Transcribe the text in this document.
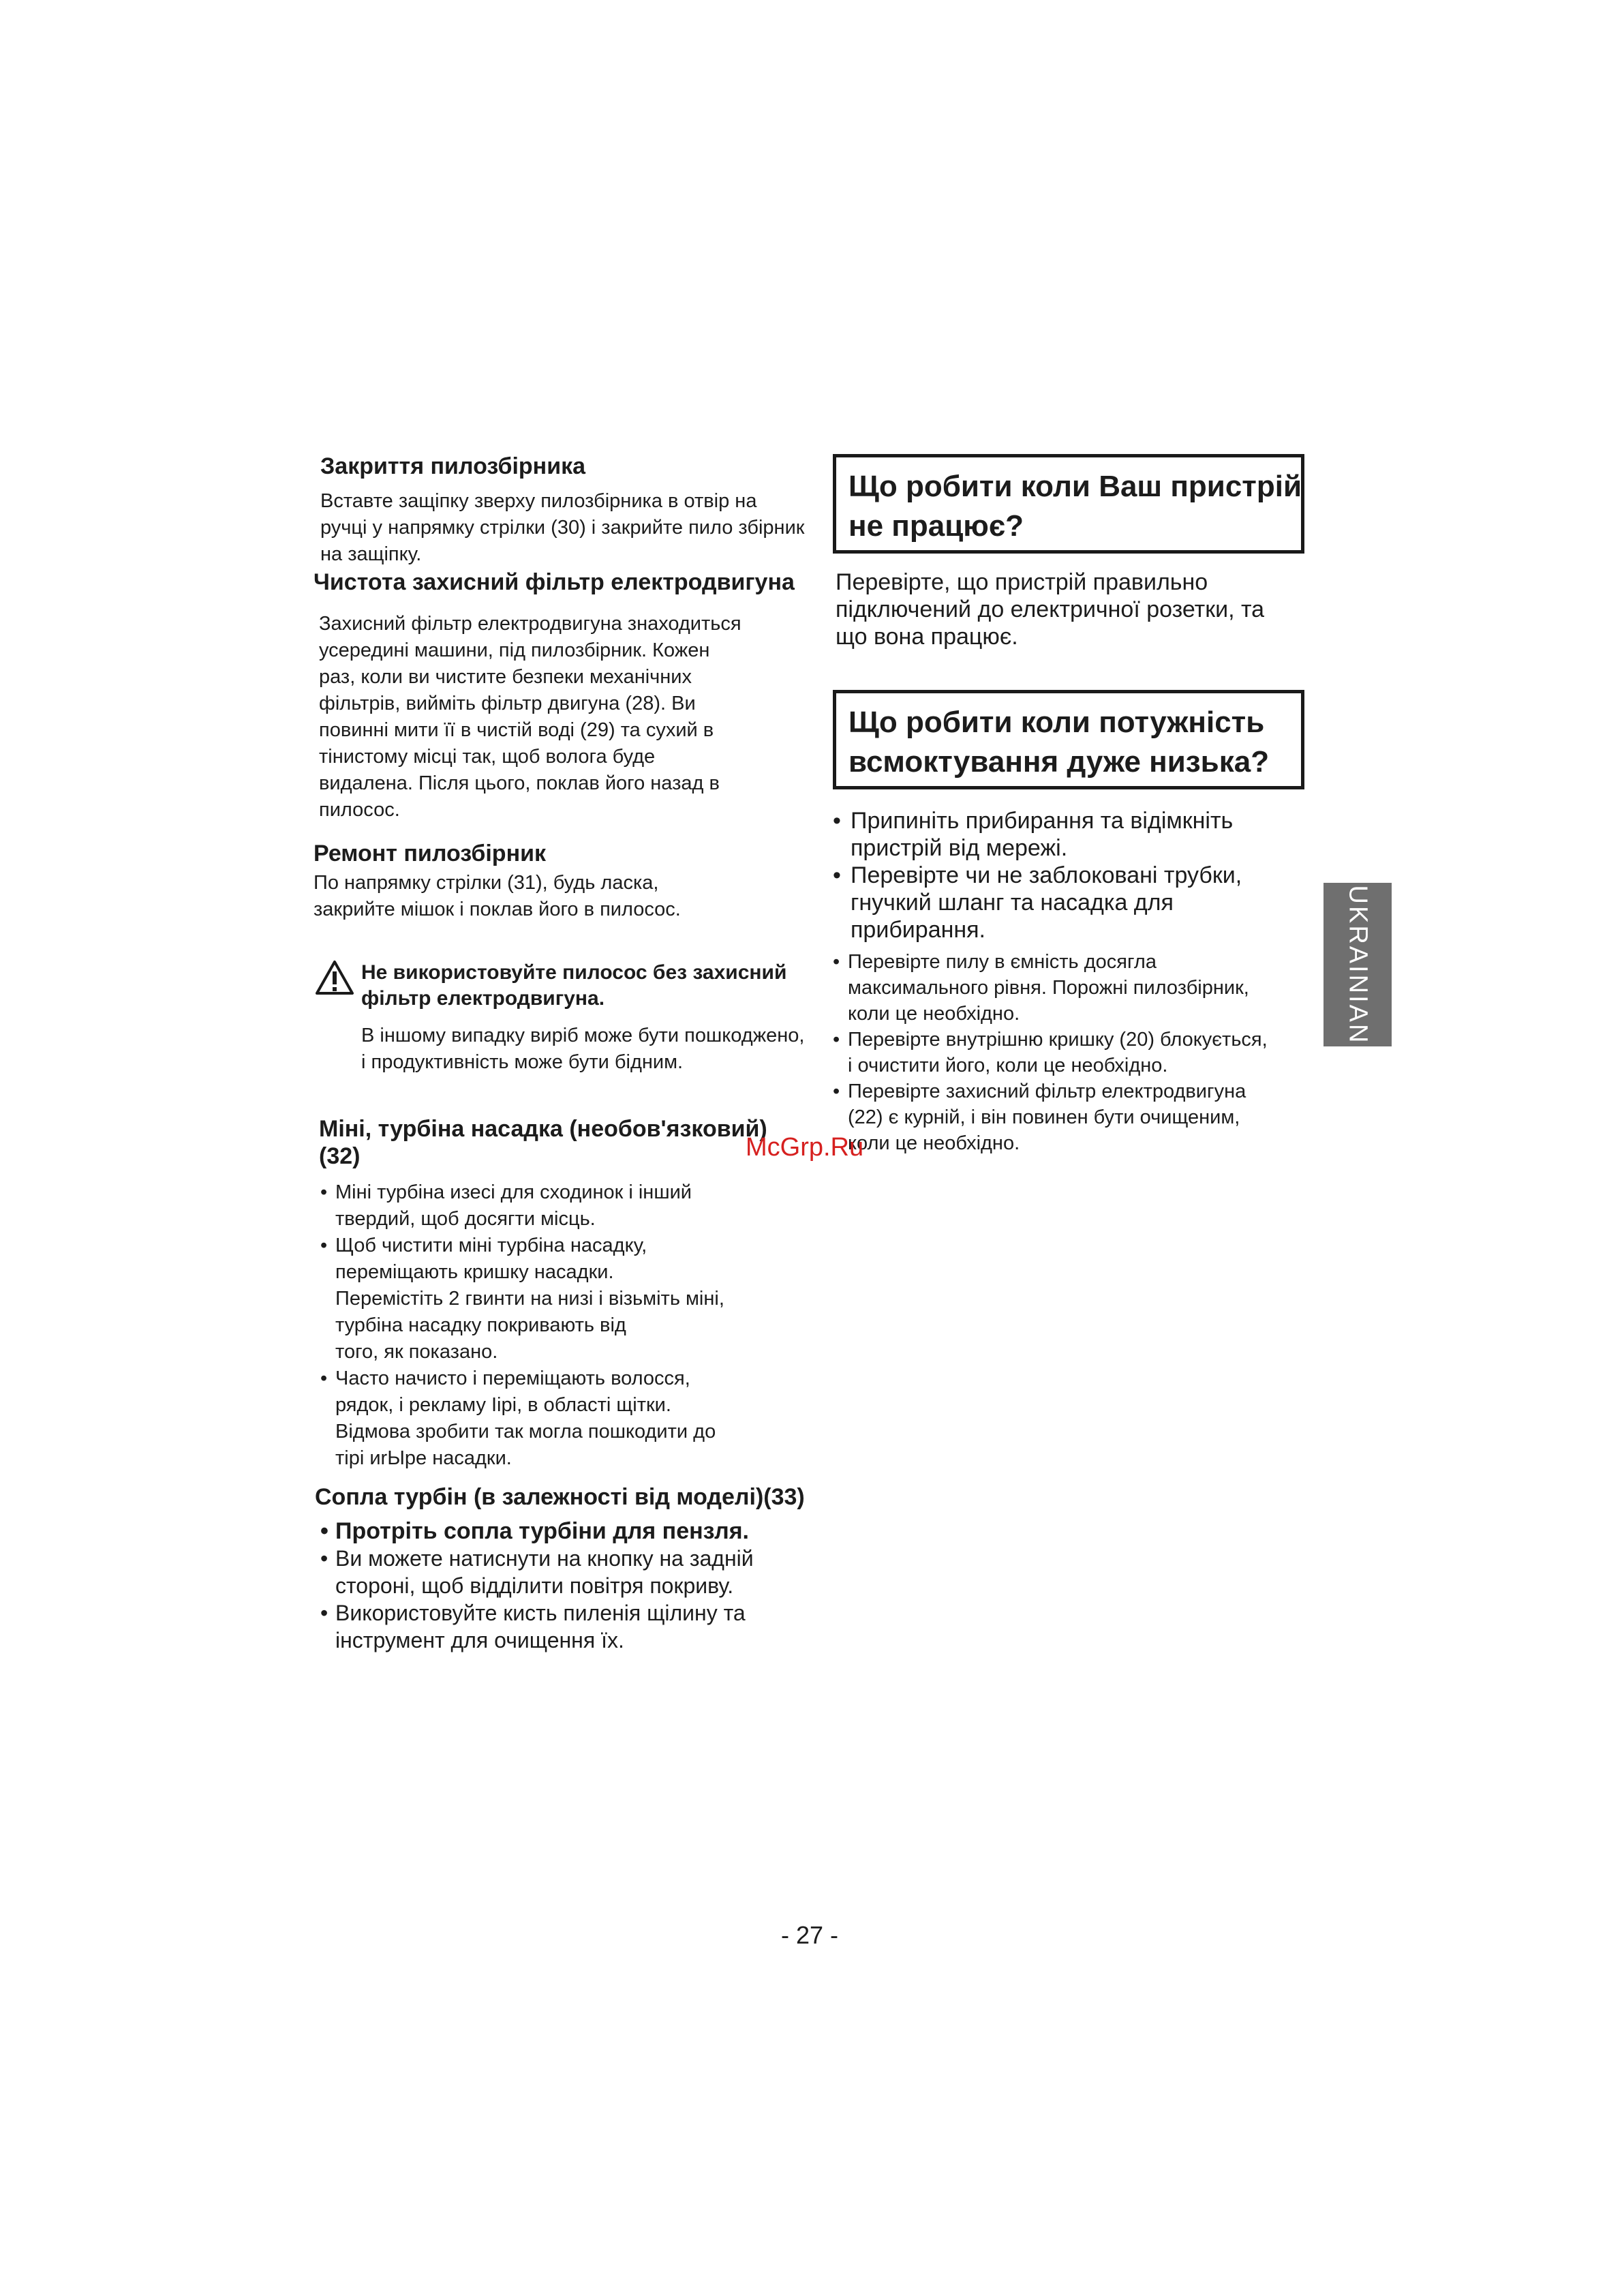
Закриття пилозбірника
Вставте защіпку зверху пилозбірника в отвір на
ручці у напрямку стрілки (30) і закрийте пило збірник
на защіпку.
Чистота захисний фільтр електродвигуна
Захисний фільтр електродвигуна знаходиться
усередині машини, під пилозбірник. Кожен
раз, коли ви чистите безпеки механічних
фільтрів, вийміть фільтр двигуна (28). Ви
повинні мити її в чистій воді (29) та сухий в
тінистому місці так, щоб волога буде
видалена. Після цього, поклав його назад в
пилосос.
Ремонт пилозбірник
По напрямку стрілки (31), будь ласка,
закрийте мішок і поклав його в пилосос.
Не використовуйте пилосос без захисний
фільтр електродвигуна.
В іншому випадку виріб може бути пошкоджено,
і продуктивність може бути бідним.
Міні, турбіна насадка (необов'язковий)
(32)
• Міні турбіна изесі для сходинок і інший
твердий, щоб досягти місць.
• Щоб чистити міні турбіна насадку,
переміщають кришку насадки.
Перемістіть 2 гвинти на низі і візьміть міні,
турбіна насадку покривають від
того, як показано.
• Часто начисто і переміщають волосся,
рядок, і рекламу Іірі, в області щітки.
Відмова зробити так могла пошкодити до
тірі иrЫре насадки.
Сопла турбін (в залежності від моделі)(33)
• Протріть сопла турбіни для пензля.
• Ви можете натиснути на кнопку на задній
стороні, щоб відділити повітря покриву.
• Використовуйте кисть пиленія щілину та
інструмент для очищення їх.
Що робити коли Ваш пристрій
не працює?
Перевірте, що пристрій правильно
підключений до електричної розетки, та
що вона працює.
Що робити коли потужність
всмоктування дуже низька?
• Припиніть прибирання та відімкніть
пристрій від мережі.
• Перевірте чи не заблоковані трубки,
гнучкий шланг та насадка для
прибирання.
• Перевірте пилу в ємність досягла
максимального рівня. Порожні пилозбірник,
коли це необхідно.
• Перевірте внутрішню кришку (20) блокується,
і очистити його, коли це необхідно.
• Перевірте захисний фільтр електродвигуна
(22) є курній, і він повинен бути очищеним,
коли це необхідно.
UKRAINIAN
McGrp.Ru
- 27 -
